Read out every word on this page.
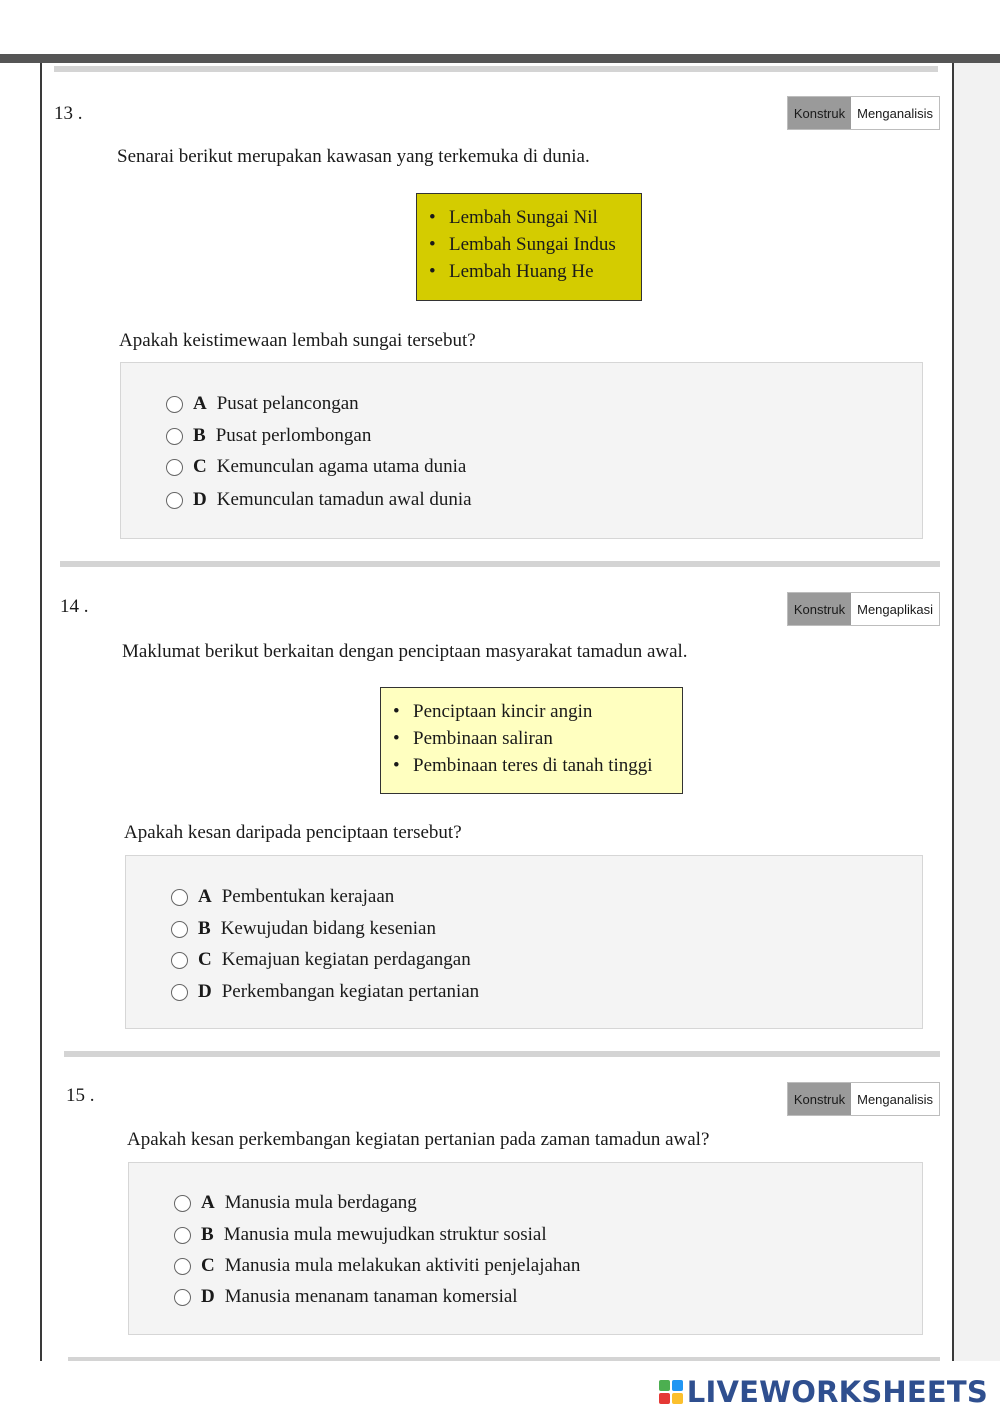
13 .	Konstruk Menganalisis
Senarai berikut merupakan kawasan yang terkemuka di dunia.
• Lembah Sungai Nil
• Lembah Sungai Indus
• Lembah Huang He
Apakah keistimewaan lembah sungai tersebut?
A Pusat pelancongan
B Pusat perlombongan
C Kemunculan agama utama dunia
D Kemunculan tamadun awal dunia
14 .	Konstruk Mengaplikasi
Maklumat berikut berkaitan dengan penciptaan masyarakat tamadun awal.
• Penciptaan kincir angin
• Pembinaan saliran
• Pembinaan teres di tanah tinggi
Apakah kesan daripada penciptaan tersebut?
A Pembentukan kerajaan
B Kewujudan bidang kesenian
C Kemajuan kegiatan perdagangan
D Perkembangan kegiatan pertanian
15 .	Konstruk Menganalisis
Apakah kesan perkembangan kegiatan pertanian pada zaman tamadun awal?
A Manusia mula berdagang
B Manusia mula mewujudkan struktur sosial
C Manusia mula melakukan aktiviti penjelajahan
D Manusia menanam tanaman komersial
LIVEWORKSHEETS
